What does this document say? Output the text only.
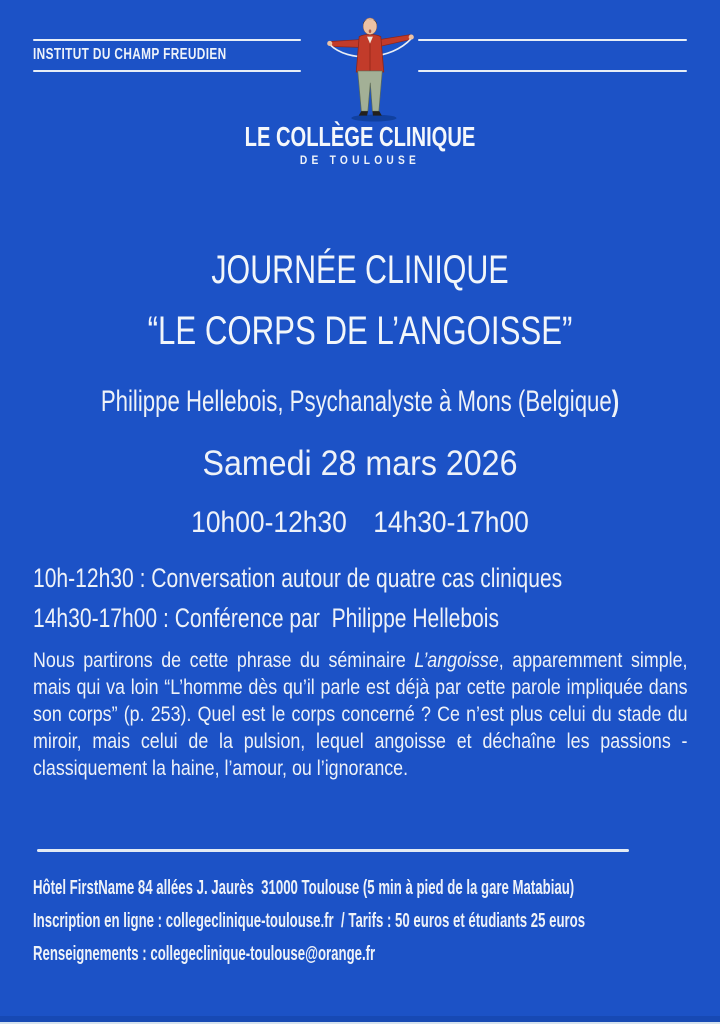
INSTITUT DU CHAMP FREUDIEN
LE COLLÈGE CLINIQUE
DE TOULOUSE
JOURNÉE CLINIQUE
“LE CORPS DE L’ANGOISSE”
Philippe Hellebois, Psychanalyste à Mons (Belgique)
Samedi 28 mars 2026
10h00-12h30 14h30-17h00
10h-12h30 : Conversation autour de quatre cas cliniques
14h30-17h00 : Conférence par  Philippe Hellebois
Nous partirons de cette phrase du séminaire L’angoisse, apparemment simple, mais qui va loin “L’homme dès qu’il parle est déjà par cette parole impliquée dans son corps” (p. 253). Quel est le corps concerné ? Ce n’est plus celui du stade du miroir, mais celui de la pulsion, lequel angoisse et déchaîne les passions - classiquement la haine, l’amour, ou l’ignorance.
Hôtel FirstName 84 allées J. Jaurès  31000 Toulouse (5 min à pied de la gare Matabiau)
Inscription en ligne : collegeclinique-toulouse.fr  / Tarifs : 50 euros et étudiants 25 euros
Renseignements : collegeclinique-toulouse@orange.fr
